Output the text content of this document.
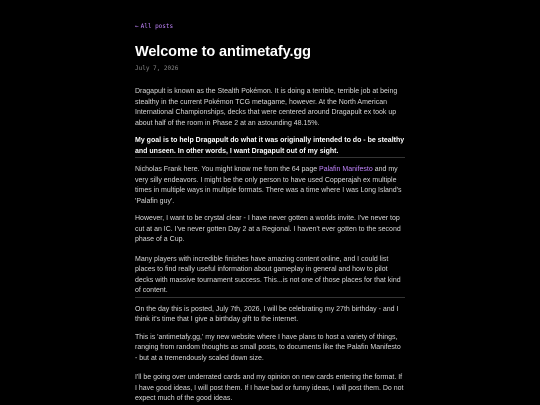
← All posts
Welcome to antimetafy.gg
July 7, 2026

Dragapult is known as the Stealth Pokémon. It is doing a terrible, terrible job at being stealthy in the current Pokémon TCG metagame, however. At the North American International Championships, decks that were centered around Dragapult ex took up about half of the room in Phase 2 at an astounding 48.15%.

My goal is to help Dragapult do what it was originally intended to do - be stealthy and unseen. In other words, I want Dragapult out of my sight.

Nicholas Frank here. You might know me from the 64 page Palafin Manifesto and my very silly endeavors. I might be the only person to have used Copperajah ex multiple times in multiple ways in multiple formats. There was a time where I was Long Island's 'Palafin guy'.

However, I want to be crystal clear - I have never gotten a worlds invite. I've never top cut at an IC. I've never gotten Day 2 at a Regional. I haven't ever gotten to the second phase of a Cup.

Many players with incredible finishes have amazing content online, and I could list places to find really useful information about gameplay in general and how to pilot decks with massive tournament success. This...is not one of those places for that kind of content.

On the day this is posted, July 7th, 2026, I will be celebrating my 27th birthday - and I think it's time that I give a birthday gift to the internet.

This is 'antimetafy.gg,' my new website where I have plans to host a variety of things, ranging from random thoughts as small posts, to documents like the Palafin Manifesto - but at a tremendously scaled down size.

I'll be going over underrated cards and my opinion on new cards entering the format. If I have good ideas, I will post them. If I have bad or funny ideas, I will post them. Do not expect much of the good ideas.
